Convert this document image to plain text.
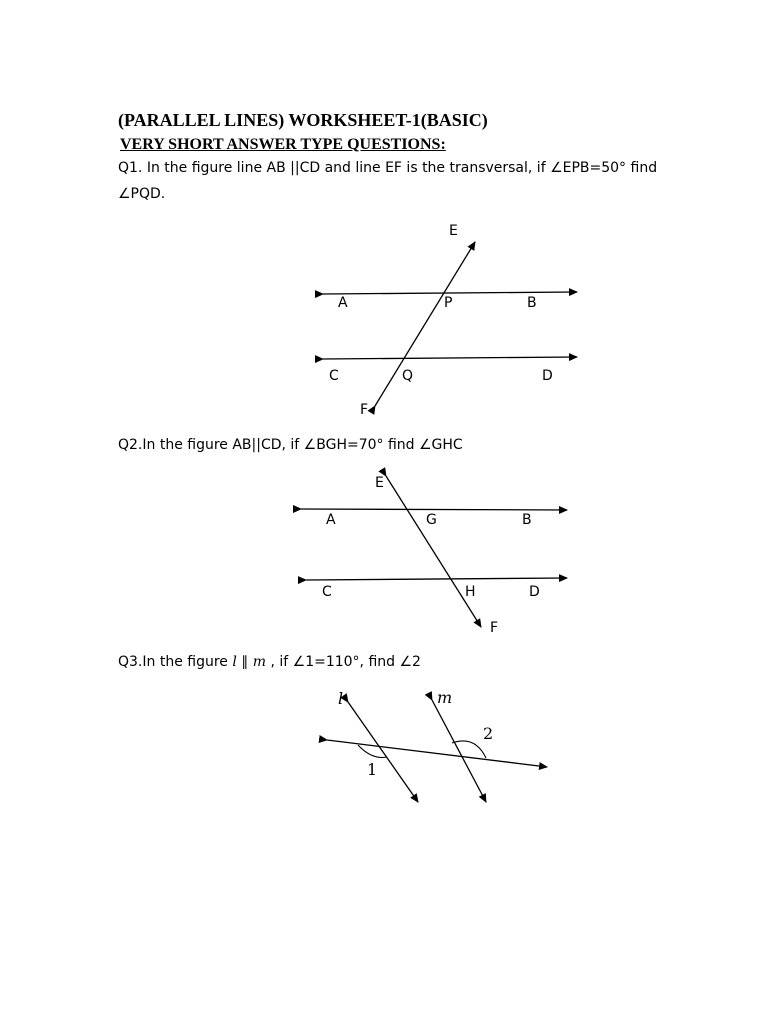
(PARALLEL LINES) WORKSHEET-1(BASIC)
VERY SHORT ANSWER TYPE QUESTIONS:
Q1. In the figure line AB ||CD and line EF is the transversal, if ∠EPB=50° find
∠PQD.
Q2.In the figure AB||CD, if ∠BGH=70° find ∠GHC
Q3.In the figure l ∥ m , if ∠1=110°, find ∠2
E
A	P	B
C	Q	D
F
E
A	G	B
C	H	D
F
l	m
1
2
